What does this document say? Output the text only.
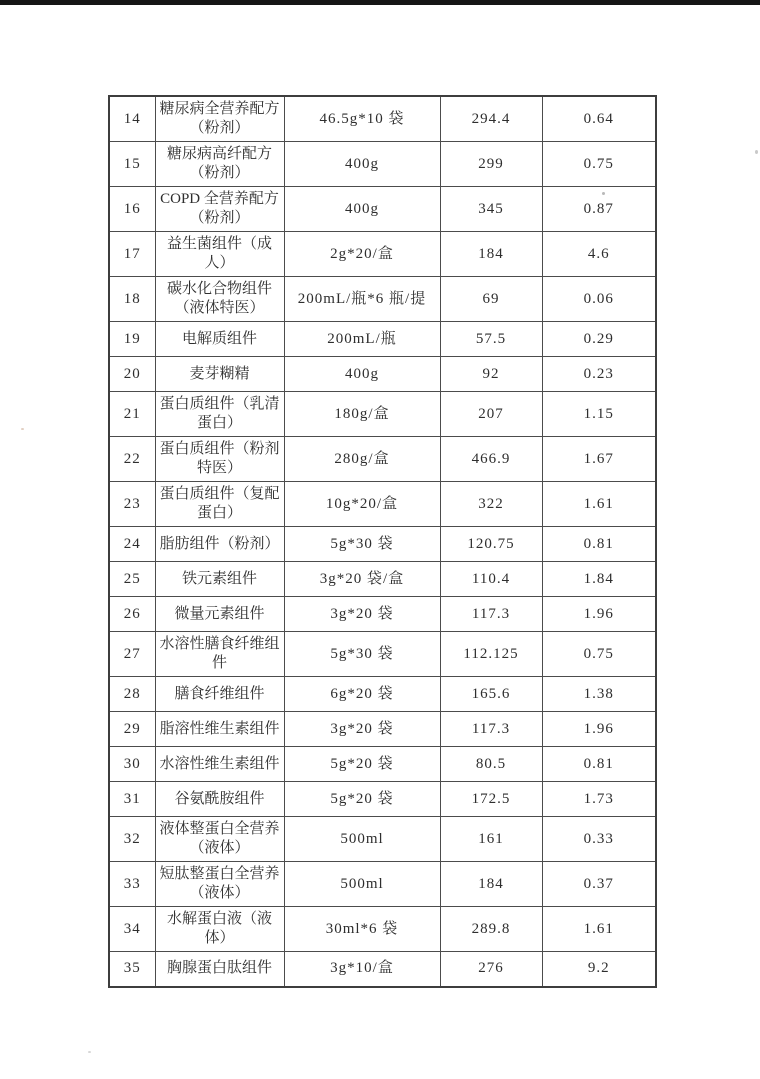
14	糖尿病全营养配方（粉剂）	46.5g*10 袋	294.4	0.64
15	糖尿病高纤配方（粉剂）	400g	299	0.75
16	COPD 全营养配方（粉剂）	400g	345	0.87
17	益生菌组件（成人）	2g*20/盒	184	4.6
18	碳水化合物组件（液体特医）	200mL/瓶*6 瓶/提	69	0.06
19	电解质组件	200mL/瓶	57.5	0.29
20	麦芽糊精	400g	92	0.23
21	蛋白质组件（乳清蛋白）	180g/盒	207	1.15
22	蛋白质组件（粉剂特医）	280g/盒	466.9	1.67
23	蛋白质组件（复配蛋白）	10g*20/盒	322	1.61
24	脂肪组件（粉剂）	5g*30 袋	120.75	0.81
25	铁元素组件	3g*20 袋/盒	110.4	1.84
26	微量元素组件	3g*20 袋	117.3	1.96
27	水溶性膳食纤维组件	5g*30 袋	112.125	0.75
28	膳食纤维组件	6g*20 袋	165.6	1.38
29	脂溶性维生素组件	3g*20 袋	117.3	1.96
30	水溶性维生素组件	5g*20 袋	80.5	0.81
31	谷氨酰胺组件	5g*20 袋	172.5	1.73
32	液体整蛋白全营养（液体）	500ml	161	0.33
33	短肽整蛋白全营养（液体）	500ml	184	0.37
34	水解蛋白液（液体）	30ml*6 袋	289.8	1.61
35	胸腺蛋白肽组件	3g*10/盒	276	9.2
